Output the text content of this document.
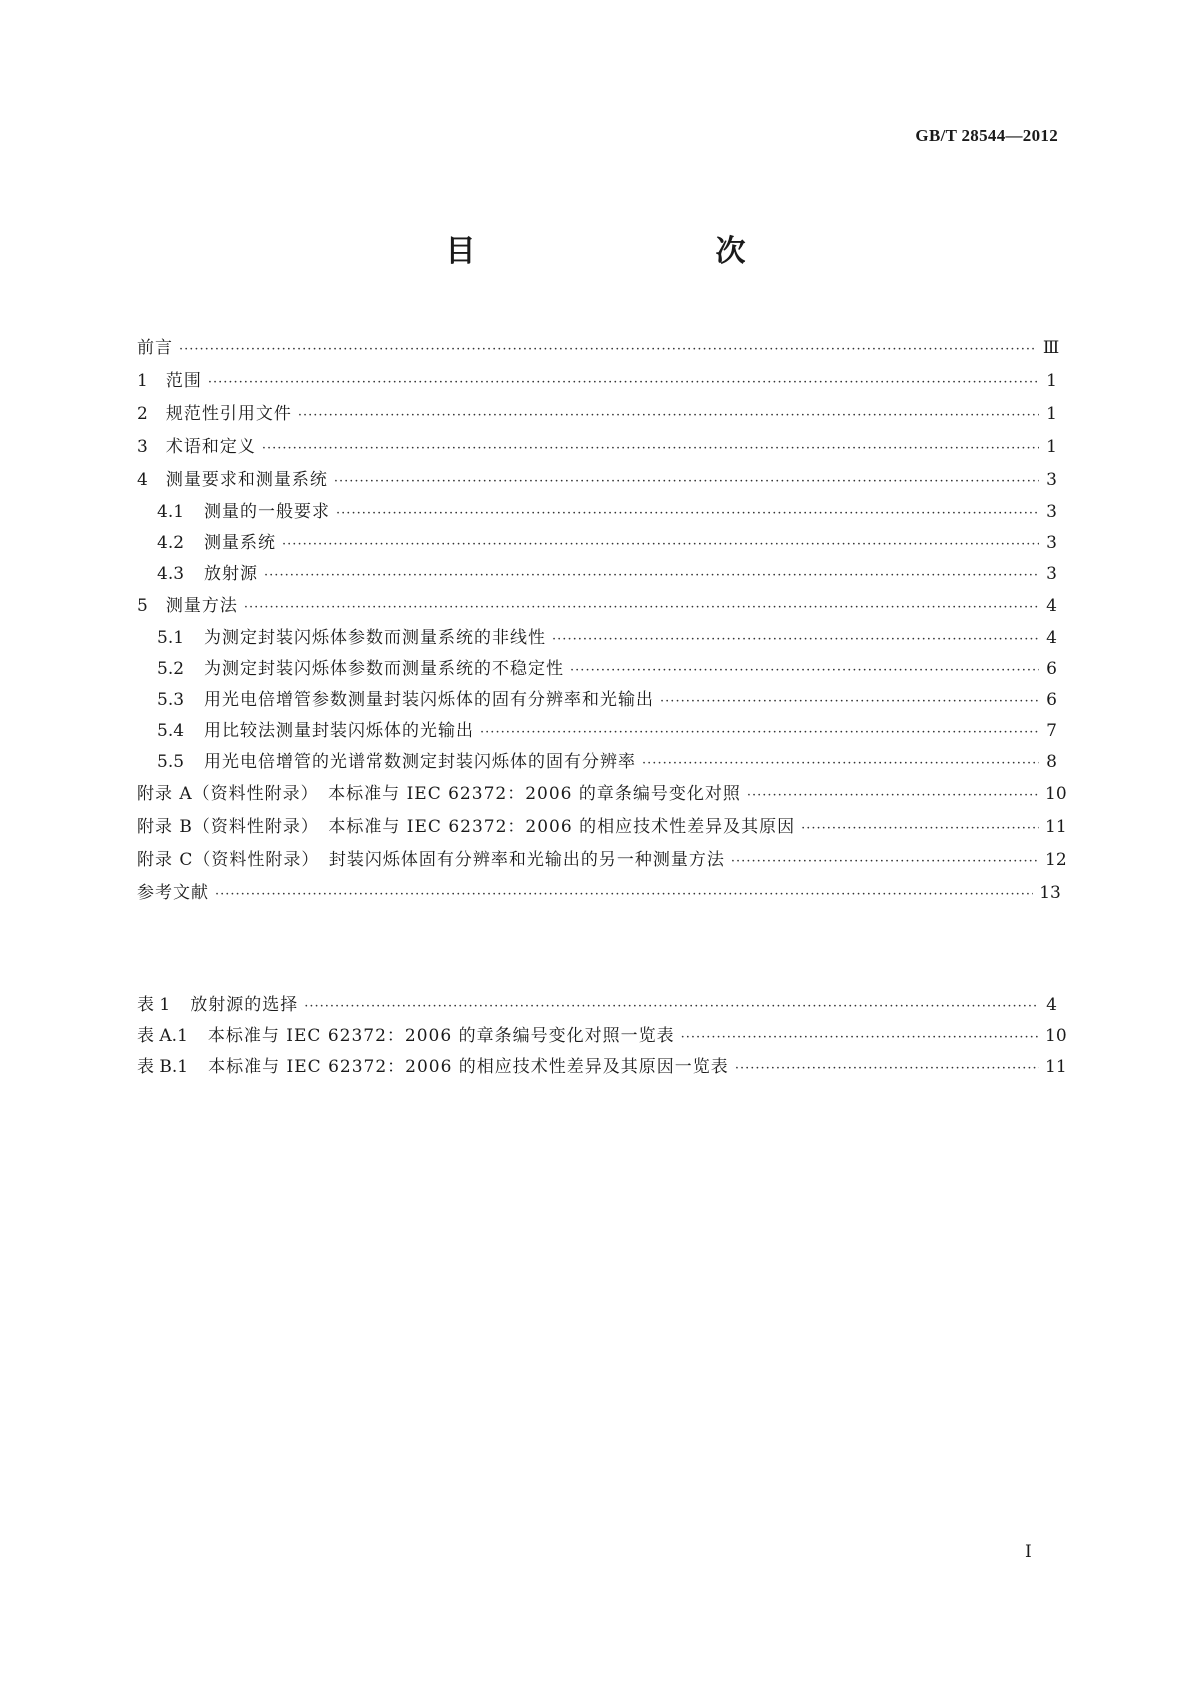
GB/T 28544—2012
目　　次
前言 ·····	Ⅲ
1 范围 ·····	1
2 规范性引用文件 ·····	1
3 术语和定义 ·····	1
4 测量要求和测量系统 ·····	3
4.1 测量的一般要求 ·····	3
4.2 测量系统 ·····	3
4.3 放射源 ·····	3
5 测量方法 ·····	4
5.1 为测定封装闪烁体参数而测量系统的非线性 ·····	4
5.2 为测定封装闪烁体参数而测量系统的不稳定性 ·····	6
5.3 用光电倍增管参数测量封装闪烁体的固有分辨率和光输出 ·····	6
5.4 用比较法测量封装闪烁体的光输出 ·····	7
5.5 用光电倍增管的光谱常数测定封装闪烁体的固有分辨率 ·····	8
附录 A（资料性附录）　本标准与 IEC 62372：2006 的章条编号变化对照 ·····	10
附录 B（资料性附录）　本标准与 IEC 62372：2006 的相应技术性差异及其原因 ·····	11
附录 C（资料性附录）　封装闪烁体固有分辨率和光输出的另一种测量方法 ·····	12
参考文献 ·····	13
表 1 放射源的选择 ·····	4
表 A.1 本标准与 IEC 62372：2006 的章条编号变化对照一览表 ·····	10
表 B.1 本标准与 IEC 62372：2006 的相应技术性差异及其原因一览表 ·····	11
I
